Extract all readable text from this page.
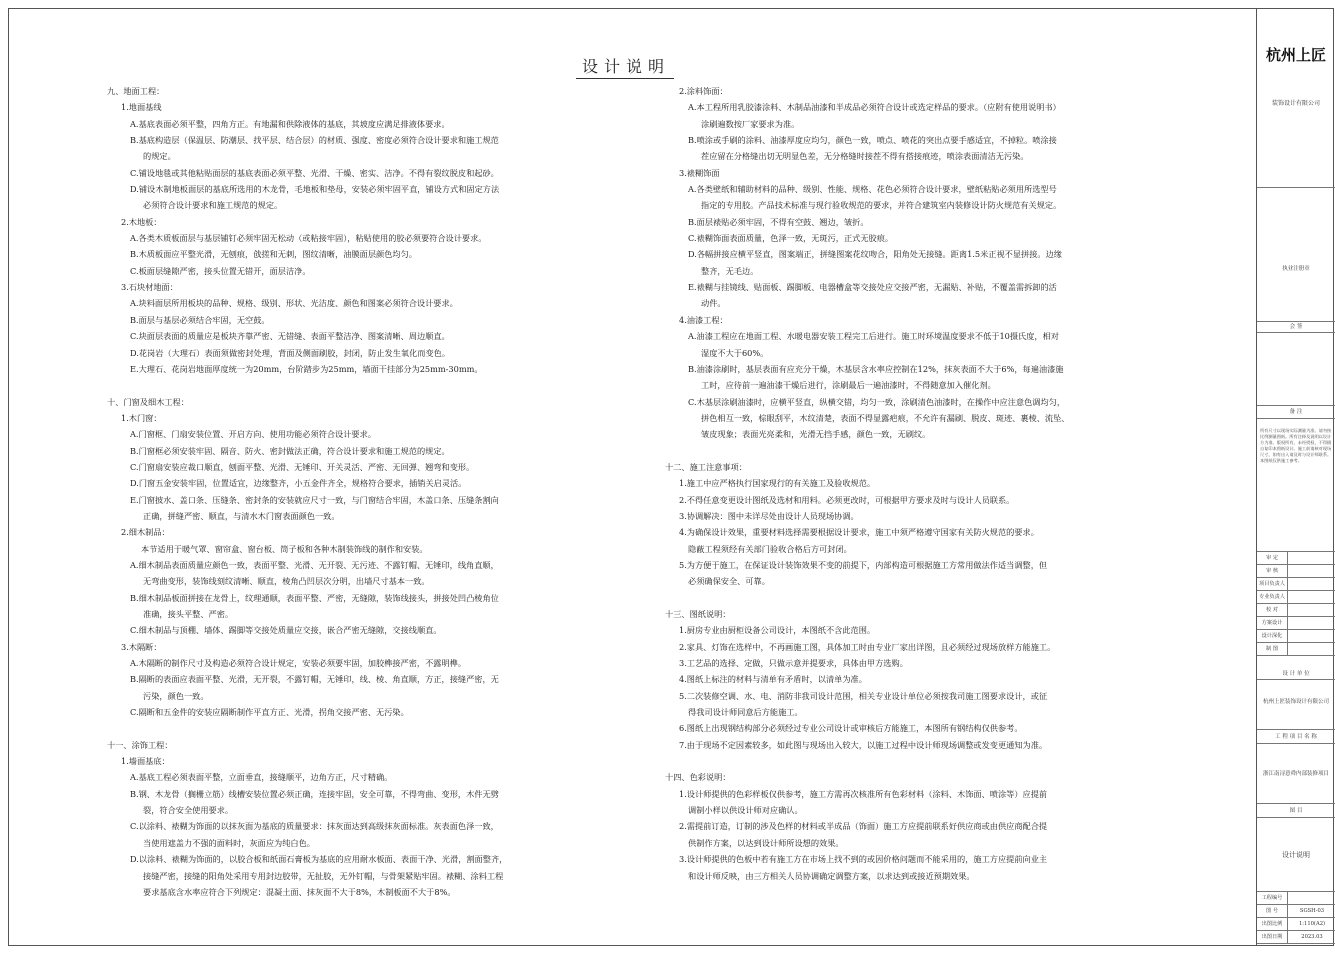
设计说明

九、地面工程：

1.地面基线

A.基底表面必须平整，四角方正。有地漏和供除液体的基底，其坡度应满足排液体要求。

B.基底构造层（保温层、防潮层、找平层、结合层）的材质、强度、密度必须符合设计要求和施工规范

的规定。

C.铺设地毯或其他粘贴面层的基底表面必须平整、光滑、干燥、密实、洁净。不得有裂纹脱皮和起砂。

D.铺设木制地板面层的基底所选用的木龙骨，毛地板和垫母，安装必须牢固平直，铺设方式和固定方法

必须符合设计要求和施工规范的规定。

2.木地板：

A.各类木质板面层与基层铺钉必须牢固无松动（或粘接牢固），粘贴使用的胶必须要符合设计要求。

B.木质板面应平整光滑，无刨痕，戗搓和无刺，图纹清晰，油膜面层颜色均匀。

C.板面层缝隙严密，接头位置无错开，面层洁净。

3.石块材地面：

A.块料面层所用板块的品种、规格、级别、形状、光洁度、颜色和图案必须符合设计要求。

B.面层与基层必须结合牢固，无空鼓。

C.块面层表面的质量应是板块齐靠严密、无错缝、表面平整洁净、图案清晰、周边顺直。

D.花岗岩（大理石）表面须做密封处理，背面及侧面刷胶，封闭，防止发生氧化而变色。

E.大理石、花岗岩地面厚度统一为20mm，台阶踏步为25mm，墙面干挂部分为25mm-30mm。

十、门窗及细木工程：

1.木门窗：

A.门窗框、门扇安装位置、开启方向、使用功能必须符合设计要求。

B.门窗框必须安装牢固、隔音、防火、密封做法正确，符合设计要求和施工规范的规定。

C.门窗扇安装应裁口顺直，刨面平整、光滑、无锤印、开关灵活、严密、无回弹、翘弯和变形。

D.门窗五金安装牢固，位置适宜，边缘整齐，小五金件齐全，规格符合要求，插销关启灵活。

E.门窗披水、盖口条、压缝条、密封条的安装就应尺寸一致，与门窗结合牢固，木盖口条、压缝条割向

正确，拼缝严密、顺直，与清水木门窗表面颜色一致。

2.细木制品：

本节适用于暖气罩、窗帘盒、窗台板、筒子板和各种木制装饰线的制作和安装。

A.细木制品表面质量应颜色一致，表面平整、光滑、无开裂、无污迹、不露钉帽、无锤印，线角直顺，

无弯曲变形，装饰线刻纹清晰、顺直，棱角凸凹层次分明，出墙尺寸基本一致。

B.细木制品板面拼接在龙骨上，纹理通顺，表面平整、严密，无缝隙，装饰线接头，拼接处凹凸棱角位

准确，接头平整、严密。

C.细木制品与顶棚、墙体、踢脚等交接处质量应交接，嵌合严密无缝隙，交接线顺直。

3.木隔断：

A.木隔断的制作尺寸及构造必须符合设计规定，安装必须要牢固，加胶榫接严密，不露明榫。

B.隔断的表面应表面平整、光滑，无开裂，不露钉帽，无锤印，线、棱、角直顺，方正，接缝严密，无

污染，颜色一致。

C.隔断和五金件的安装应隔断制作平直方正、光滑，拐角交接严密、无污染。

十一、涂饰工程：

1.墙面基底：

A.基底工程必须表面平整，立面垂直，接缝顺平，边角方正，尺寸精确。

B.钢、木龙骨（搁栅立筋）线槽安装位置必须正确，连接牢固，安全可靠，不得弯曲、变形，木件无劈

裂，符合安全使用要求。

C.以涂料、裱糊为饰面的以抹灰面为基底的质量要求：抹灰面达到高级抹灰面标准。灰表面色泽一致，

当使用遮盖力不强的面料时，灰面应为纯白色。

D.以涂料、裱糊为饰面的，以胶合板和纸面石膏板为基底的应用耐水板面、表面干净、光滑，割面整齐，

接缝严密，接缝的阳角处采用专用封边胶带，无扯胶，无外钉帽，与骨架紧贴牢固。裱糊、涂料工程

要求基底含水率应符合下列规定：混凝土面、抹灰面不大于8%，木制板面不大于8%。

2.涂料饰面：

A.本工程所用乳胶漆涂料、木制品油漆和半成品必须符合设计或选定样品的要求。（应附有使用说明书）

涂刷遍数按厂家要求为准。

B.喷涂或手刷的涂料、油漆厚度应均匀，颜色一致，喷点、喷花的突出点要手感适宜，不掉粒。喷涂接

茬应留在分格缝出切无明显色差，无分格缝时接茬不得有搭接痕迹，喷涂表面清洁无污染。

3.裱糊饰面

A.各类壁纸和辅助材料的品种、级别、性能、规格、花色必须符合设计要求，壁纸粘贴必须用所选型号

指定的专用胶。产品技术标准与现行验收规范的要求，并符合建筑室内装修设计防火规范有关规定。

B.面层裱贴必须牢固，不得有空鼓、翘边，皱折。

C.裱糊饰面表面质量，色泽一致，无斑污，正式无胶痕。

D.各幅拼接应横平竖直，图案端正，拼缝图案花纹吻合，阳角处无接缝。距离1.5米正视不显拼接。边缘

整齐，无毛边。

E.裱糊与挂镜线、贴面板、踢脚板、电器槽盒等交接处应交接严密，无漏贴、补贴，不覆盖需拆卸的活

动件。

4.油漆工程：

A.油漆工程应在地面工程、水暖电器安装工程完工后进行。施工时环境温度要求不低于10摄氏度，相对

湿度不大于60%。

B.油漆涂刷时，基层表面有应充分干燥，木基层含水率应控制在12%，抹灰表面不大于6%，每遍油漆施

工时，应待前一遍油漆干燥后进行，涂刷最后一遍油漆时，不得随意加入催化剂。

C.木基层涂刷油漆时，应横平竖直，纵横交错，均匀一致，涂刷清色油漆时，在操作中应注意色调均匀，

拼色相互一致，棕眼刮平，木纹清楚，表面不得显露疤痕，不允许有漏刷、脱皮、斑迹、裹棱、流坠、

皱皮现象；表面光亮柔和，光滑无挡手感，颜色一致，无刷纹。

十二、施工注意事项：

1.施工中应严格执行国家现行的有关施工及验收规范。

2.不得任意变更设计图纸及选材和用料。必须更改时，可根据甲方要求及时与设计人员联系。

3.协调解决：图中未详尽处由设计人员现场协调。

4.为确保设计效果，重要材料选择需要根据设计要求，施工中须严格遵守国家有关防火规范的要求。

隐蔽工程须经有关部门验收合格后方可封闭。

5.为方便于施工，在保证设计装饰效果不变的前提下，内部构造可根据施工方常用做法作适当调整，但

必须确保安全、可靠。

十三、图纸说明：

1.厨房专业由厨柜设备公司设计，本图纸不含此范围。

2.家具、灯饰在选样中，不再画施工图，具体加工时由专业厂家出详图，且必须经过现场放样方能施工。

3.工艺品的选择、定做，只做示意并提要求，具体由甲方选购。

4.图纸上标注的材料与清单有矛盾时，以清单为准。

5.二次装修空调、水、电、消防非我司设计范围，相关专业设计单位必须按我司施工图要求设计，或征

得我司设计师同意后方能施工。

6.图纸上出现钢结构部分必须经过专业公司设计或审核后方能施工，本图所有钢结构仅供参考。

7.由于现场不定因素较多，如此图与现场出入较大，以施工过程中设计师现场调整或发变更通知为准。

十四、色彩说明：

1.设计师提供的色彩样板仅供参考，施工方需再次核准所有色彩材料（涂料、木饰面、喷涂等）应提前

调制小样以供设计师对应确认。

2.需提前订造，订制的涉及色样的材料或半成品（饰面）施工方应提前联系好供应商或由供应商配合提

供制作方案，以达到设计师所设想的效果。

3.设计师提供的色板中若有施工方在市场上找不到的或因价格问题而不能采用的，施工方应提前向业主

和设计师反映，由三方相关人员协调确定调整方案，以求达到或接近预期效果。

杭州上匠
装饰设计有限公司
执业注册章
会 签
备 注
所有尺寸以现场实际测量为准。请勿按比例测量图纸。所有注释及说明以设计方为准。版权所有，未经授权，不得擅自复印本图纸设计。施工前请核对现场尺寸，如有出入请及时与设计师联系。本图纸仅供施工参考。
审 定
审 核
项目负责人
专业负责人
校 对
方案设计
设计深化
制 图
设 计 单 位
杭州上匠装饰设计有限公司
工 程 项 目 名 称
浙江南浔意舜内部装修项目
图 目
设计说明
工程编号
图 号	SGSH-03
出图比例	1:110(A2)
出图日期	2023.03
